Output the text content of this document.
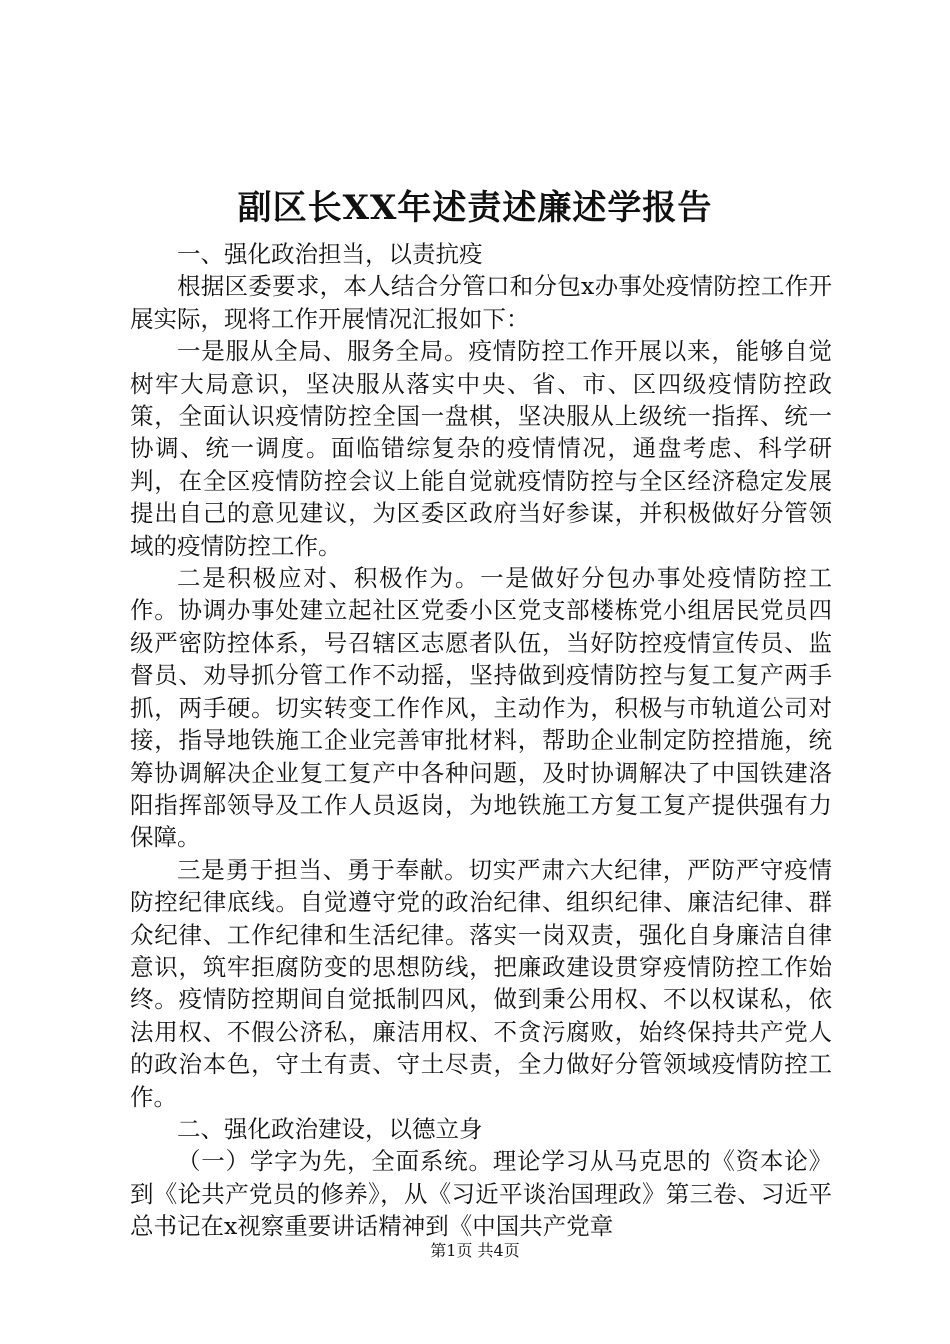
副区长XX年述责述廉述学报告

一、强化政治担当，以责抗疫

根据区委要求，本人结合分管口和分包x办事处疫情防控工作开展实际，现将工作开展情况汇报如下：

一是服从全局、服务全局。疫情防控工作开展以来，能够自觉树牢大局意识，坚决服从落实中央、省、市、区四级疫情防控政策，全面认识疫情防控全国一盘棋，坚决服从上级统一指挥、统一协调、统一调度。面临错综复杂的疫情情况，通盘考虑、科学研判，在全区疫情防控会议上能自觉就疫情防控与全区经济稳定发展提出自己的意见建议，为区委区政府当好参谋，并积极做好分管领域的疫情防控工作。

二是积极应对、积极作为。一是做好分包办事处疫情防控工作。协调办事处建立起社区党委小区党支部楼栋党小组居民党员四级严密防控体系，号召辖区志愿者队伍，当好防控疫情宣传员、监督员、劝导抓分管工作不动摇，坚持做到疫情防控与复工复产两手抓，两手硬。切实转变工作作风，主动作为，积极与市轨道公司对接，指导地铁施工企业完善审批材料，帮助企业制定防控措施，统筹协调解决企业复工复产中各种问题，及时协调解决了中国铁建洛阳指挥部领导及工作人员返岗，为地铁施工方复工复产提供强有力保障。

三是勇于担当、勇于奉献。切实严肃六大纪律，严防严守疫情防控纪律底线。自觉遵守党的政治纪律、组织纪律、廉洁纪律、群众纪律、工作纪律和生活纪律。落实一岗双责，强化自身廉洁自律意识，筑牢拒腐防变的思想防线，把廉政建设贯穿疫情防控工作始终。疫情防控期间自觉抵制四风，做到秉公用权、不以权谋私，依法用权、不假公济私，廉洁用权、不贪污腐败，始终保持共产党人的政治本色，守土有责、守土尽责，全力做好分管领域疫情防控工作。

二、强化政治建设，以德立身

（一）学字为先，全面系统。理论学习从马克思的《资本论》到《论共产党员的修养》，从《习近平谈治国理政》第三卷、习近平总书记在x视察重要讲话精神到《中国共产党章

第1页 共4页
